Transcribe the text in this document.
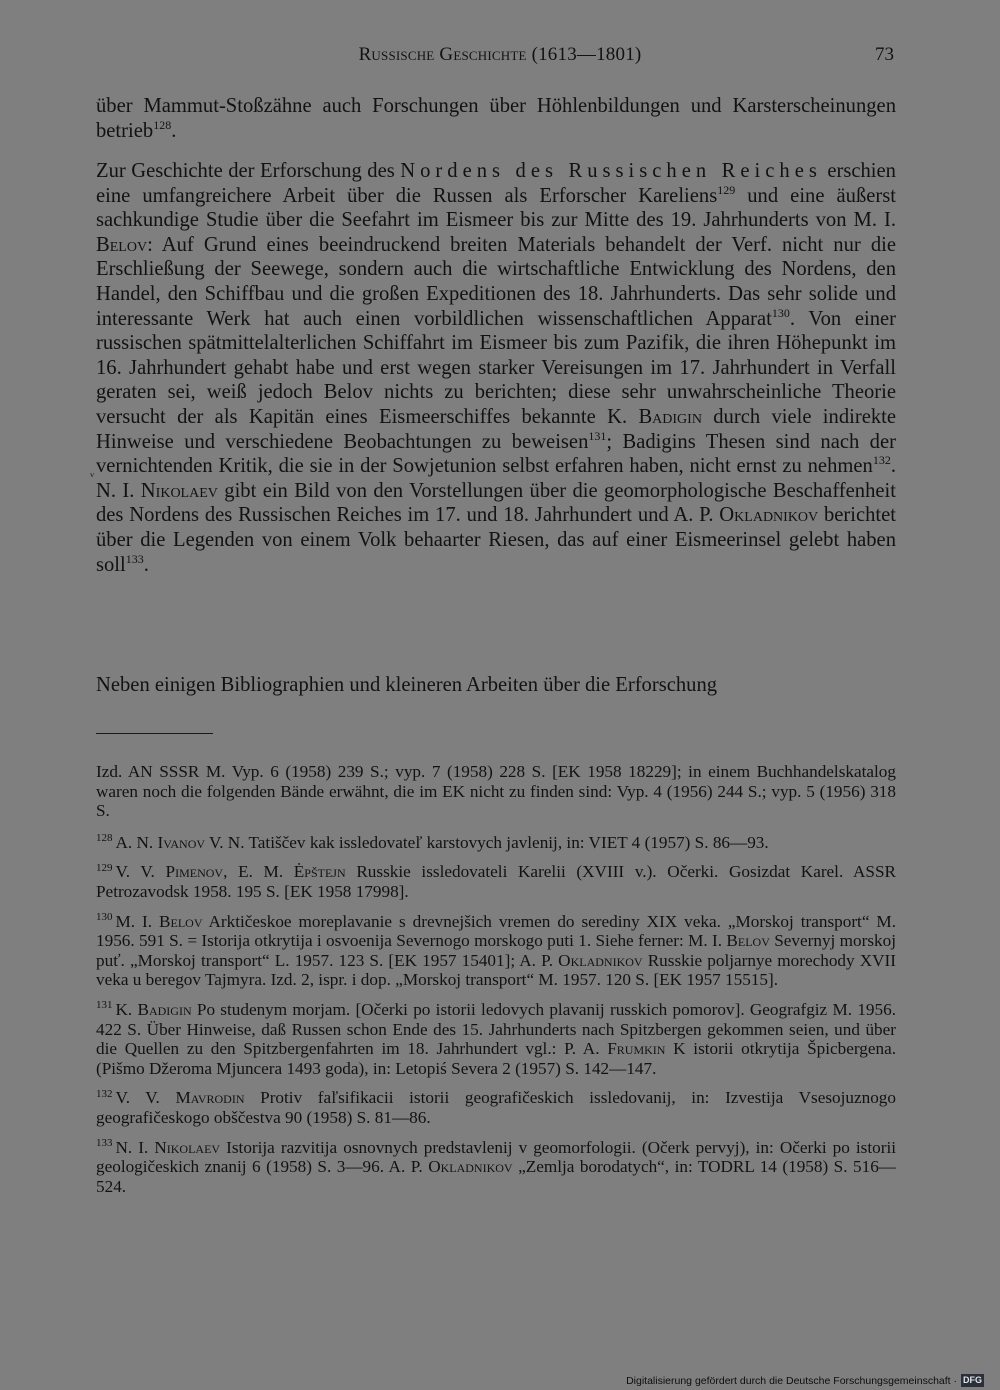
Russische Geschichte (1613—1801)	73

über Mammut-Stoßzähne auch Forschungen über Höhlenbildungen und Karsterscheinungen betrieb$^{128}$.

ᵥ

Zur Geschichte der Erforschung des Nordens des Russischen Reiches erschien eine umfangreichere Arbeit über die Russen als Erforscher Kareliens$^{129}$ und eine äußerst sachkundige Studie über die Seefahrt im Eismeer bis zur Mitte des 19. Jahrhunderts von M. I. Belov: Auf Grund eines beeindruckend breiten Materials behandelt der Verf. nicht nur die Erschließung der Seewege, sondern auch die wirtschaftliche Entwicklung des Nordens, den Handel, den Schiffbau und die großen Expeditionen des 18. Jahrhunderts. Das sehr solide und interessante Werk hat auch einen vorbildlichen wissenschaftlichen Apparat$^{130}$. Von einer russischen spätmittelalterlichen Schiffahrt im Eismeer bis zum Pazifik, die ihren Höhepunkt im 16. Jahrhundert gehabt habe und erst wegen starker Vereisungen im 17. Jahrhundert in Verfall geraten sei, weiß jedoch Belov nichts zu berichten; diese sehr unwahrscheinliche Theorie versucht der als Kapitän eines Eismeerschiffes bekannte K. Badigin durch viele indirekte Hinweise und verschiedene Beobachtungen zu beweisen$^{131}$; Badigins Thesen sind nach der vernichtenden Kritik, die sie in der Sowjetunion selbst erfahren haben, nicht ernst zu nehmen$^{132}$. N. I. Nikolaev gibt ein Bild von den Vorstellungen über die geomorphologische Beschaffenheit des Nordens des Russischen Reiches im 17. und 18. Jahrhundert und A. P. Okladnikov berichtet über die Legenden von einem Volk behaarter Riesen, das auf einer Eismeerinsel gelebt haben soll$^{133}$.

Neben einigen Bibliographien und kleineren Arbeiten über die Erforschung

Izd. AN SSSR M. Vyp. 6 (1958) 239 S.; vyp. 7 (1958) 228 S. [EK 1958 18229]; in einem Buchhandelskatalog waren noch die folgenden Bände erwähnt, die im EK nicht zu finden sind: Vyp. 4 (1956) 244 S.; vyp. 5 (1956) 318 S.

$^{128}$ A. N. Ivanov V. N. Tatiščev kak issledovateľ karstovych javlenij, in: VIET 4 (1957) S. 86—93.

$^{129}$ V. V. Pimenov, E. M. Ėpštejn Russkie issledovateli Karelii (XVIII v.). Očerki. Gosizdat Karel. ASSR Petrozavodsk 1958. 195 S. [EK 1958 17998].

$^{130}$ M. I. Belov Arktičeskoe moreplavanie s drevnejšich vremen do serediny XIX veka. „Morskoj transport“ M. 1956. 591 S. = Istorija otkrytija i osvoenija Severnogo morskogo puti 1. Siehe ferner: M. I. Belov Severnyj morskoj puť. „Morskoj transport“ L. 1957. 123 S. [EK 1957 15401]; A. P. Okladnikov Russkie poljarnye morechody XVII veka u beregov Tajmyra. Izd. 2, ispr. i dop. „Morskoj transport“ M. 1957. 120 S. [EK 1957 15515].

$^{131}$ K. Badigin Po studenym morjam. [Očerki po istorii ledovych plavanij russkich pomorov]. Geografgiz M. 1956. 422 S. Über Hinweise, daß Russen schon Ende des 15. Jahrhunderts nach Spitzbergen gekommen seien, und über die Quellen zu den Spitzbergenfahrten im 18. Jahrhundert vgl.: P. A. Frumkin K istorii otkrytija Špicbergena. (Pišmo Džeroma Mjuncera 1493 goda), in: Letopiś Severa 2 (1957) S. 142—147.

$^{132}$ V. V. Mavrodin Protiv faľsifikacii istorii geografičeskich issledovanij, in: Izvestija Vsesojuznogo geografičeskogo obščestva 90 (1958) S. 81—86.

$^{133}$ N. I. Nikolaev Istorija razvitija osnovnych predstavlenij v geomorfologii. (Očerk pervyj), in: Očerki po istorii geologičeskich znanij 6 (1958) S. 3—96. A. P. Okladnikov „Zemlja borodatych“, in: TODRL 14 (1958) S. 516—524.

Digitalisierung gefördert durch die Deutsche Forschungsgemeinschaft · DFG
